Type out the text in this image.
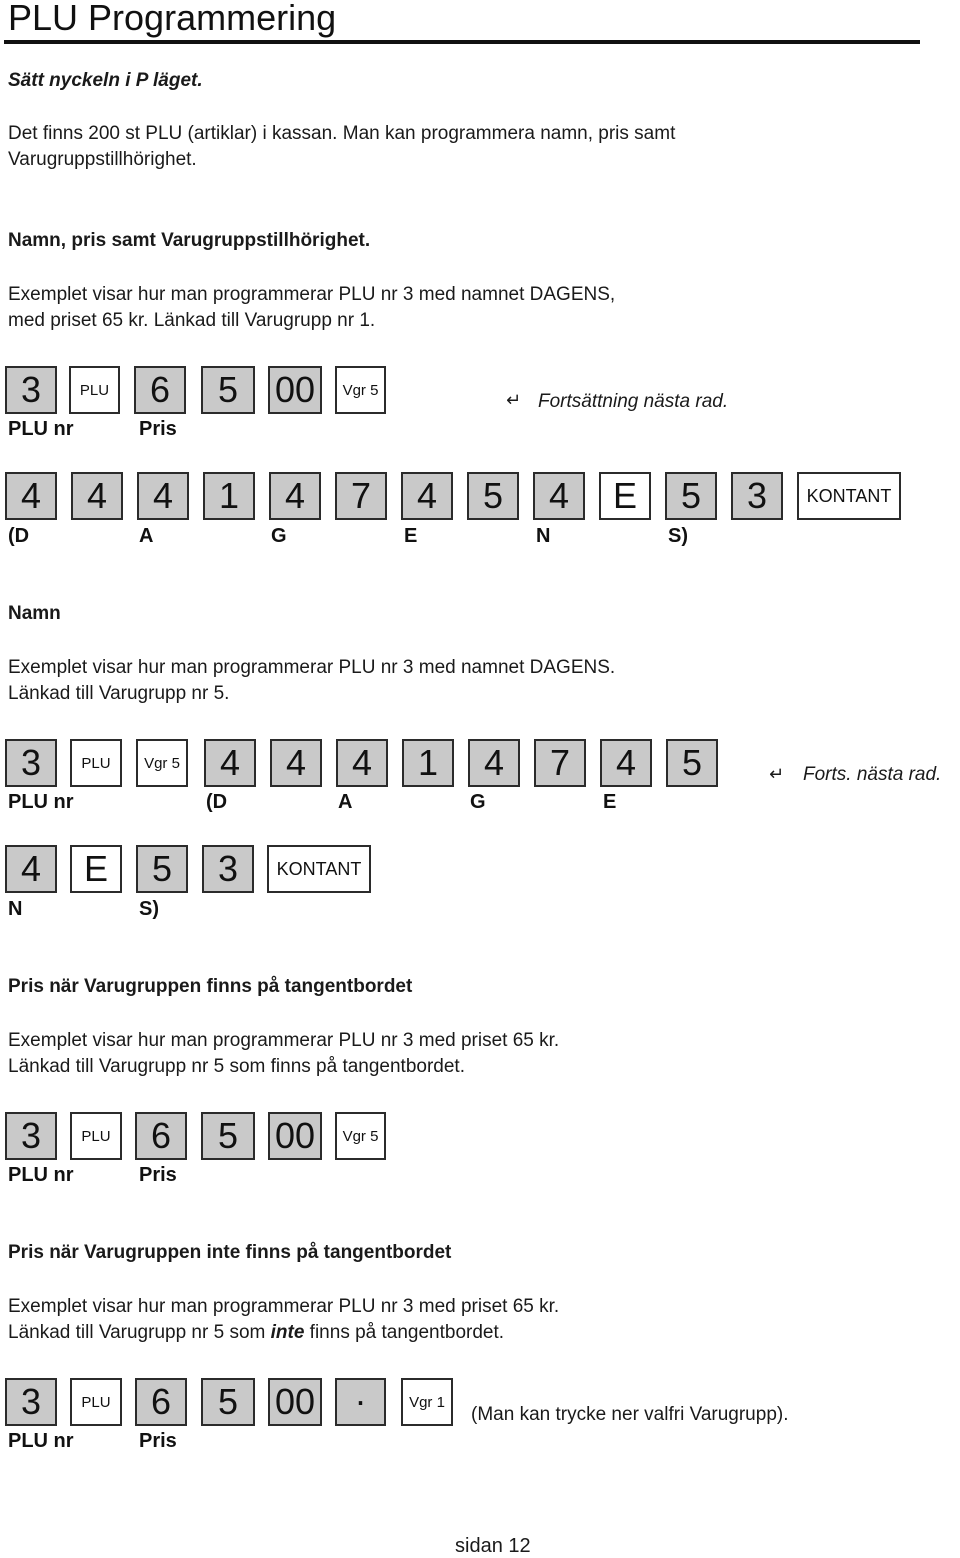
PLU Programmering
Sätt nyckeln i P läget.
Det finns 200 st PLU (artiklar) i kassan. Man kan programmera namn, pris samt
Varugruppstillhörighet.
Namn, pris samt Varugruppstillhörighet.
Exemplet visar hur man programmerar PLU nr 3 med namnet DAGENS,
med priset 65 kr. Länkad till Varugrupp nr 1.
3	PLU	6	5	00	Vgr 5
PLU nr	Pris
↵ Fortsättning nästa rad.
4	4	4	1	4	7	4	5	4	E	5	3	KONTANT
(D	A	G	E	N	S)
Namn
Exemplet visar hur man programmerar PLU nr 3 med namnet DAGENS.
Länkad till Varugrupp nr 5.
3	PLU	Vgr 5	4	4	4	1	4	7	4	5
PLU nr	(D	A	G	E
↵ Forts. nästa rad.
4	E	5	3	KONTANT
N	S)
Pris när Varugruppen finns på tangentbordet
Exemplet visar hur man programmerar PLU nr 3 med priset 65 kr.
Länkad till Varugrupp nr 5 som finns på tangentbordet.
3	PLU	6	5	00	Vgr 5
PLU nr	Pris
Pris när Varugruppen inte finns på tangentbordet
Exemplet visar hur man programmerar PLU nr 3 med priset 65 kr.
Länkad till Varugrupp nr 5 som inte finns på tangentbordet.
3	PLU	6	5	00	·	Vgr 1
(Man kan trycke ner valfri Varugrupp).
PLU nr	Pris
sidan 12
